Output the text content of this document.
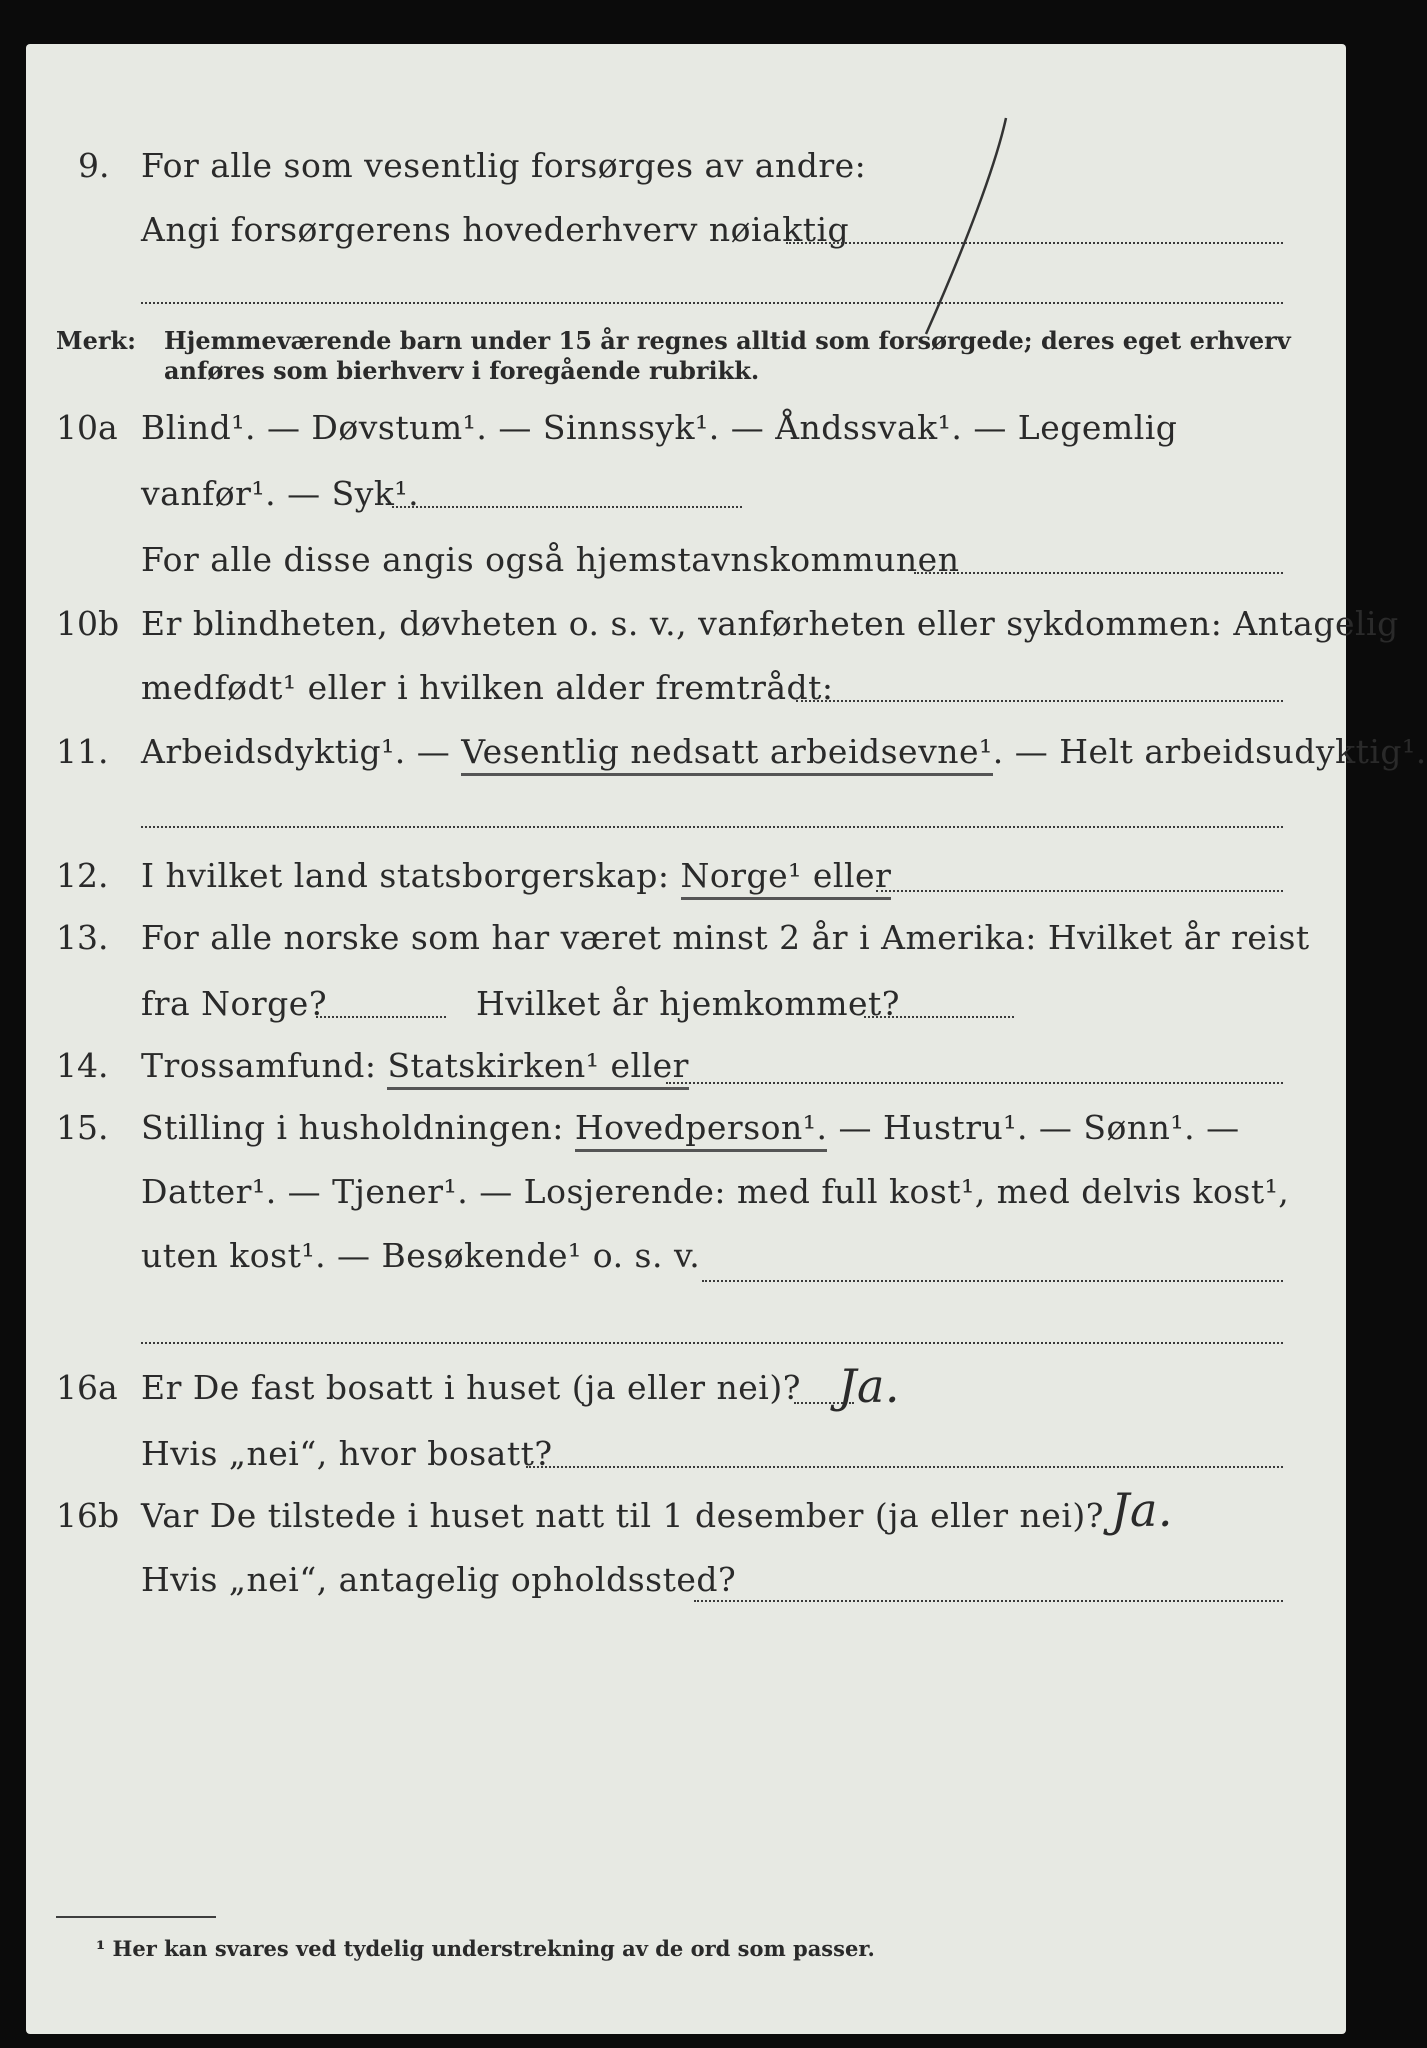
9. For alle som vesentlig forsørges av andre:
Angi forsørgerens hovederhverv nøiaktig
Merk: Hjemmeværende barn under 15 år regnes alltid som forsørgede; deres eget erhverv
anføres som bierhverv i foregående rubrikk.
10a Blind¹. — Døvstum¹. — Sinnssyk¹. — Åndssvak¹. — Legemlig
vanfør¹. — Syk¹.
For alle disse angis også hjemstavnskommunen
10b Er blindheten, døvheten o. s. v., vanførheten eller sykdommen: Antagelig
medfødt¹ eller i hvilken alder fremtrådt:
11. Arbeidsdyktig¹. — Vesentlig nedsatt arbeidsevne¹. — Helt arbeidsudyktig¹.
12. I hvilket land statsborgerskap: Norge¹ eller
13. For alle norske som har været minst 2 år i Amerika: Hvilket år reist
fra Norge?	Hvilket år hjemkommet?
14. Trossamfund: Statskirken¹ eller
15. Stilling i husholdningen: Hovedperson¹. — Hustru¹. — Sønn¹. —
Datter¹. — Tjener¹. — Losjerende: med full kost¹, med delvis kost¹,
uten kost¹. — Besøkende¹ o. s. v.
16a Er De fast bosatt i huset (ja eller nei)? Ja.
Hvis „nei“, hvor bosatt?
16b Var De tilstede i huset natt til 1 desember (ja eller nei)? Ja.
Hvis „nei“, antagelig opholdssted?
¹ Her kan svares ved tydelig understrekning av de ord som passer.
